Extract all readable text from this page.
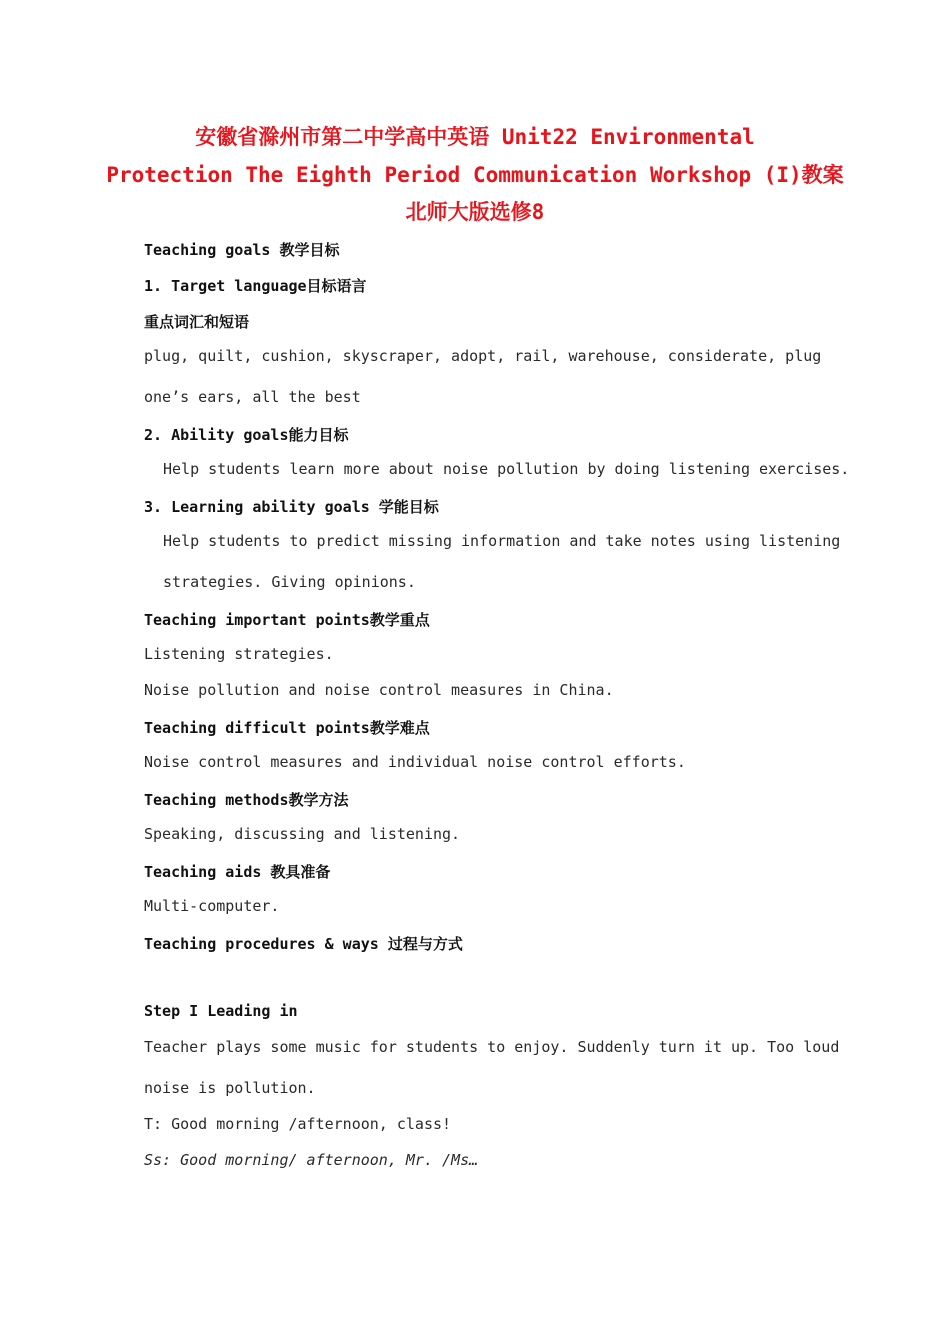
安徽省滁州市第二中学高中英语 Unit22 Environmental
Protection The Eighth Period Communication Workshop (I)教案
北师大版选修8

Teaching goals 教学目标

1. Target language目标语言

重点词汇和短语

plug, quilt, cushion, skyscraper, adopt, rail, warehouse, considerate, plug

one’s ears, all the best

2. Ability goals能力目标

Help students learn more about noise pollution by doing listening exercises.

3. Learning ability goals 学能目标

Help students to predict missing information and take notes using listening

strategies. Giving opinions.

Teaching important points教学重点

Listening strategies.

Noise pollution and noise control measures in China.

Teaching difficult points教学难点

Noise control measures and individual noise control efforts.

Teaching methods教学方法

Speaking, discussing and listening.

Teaching aids 教具准备

Multi-computer.

Teaching procedures & ways 过程与方式

Step I Leading in

Teacher plays some music for students to enjoy. Suddenly turn it up. Too loud

noise is pollution.

T: Good morning /afternoon, class!

Ss: Good morning/ afternoon, Mr. /Ms…
